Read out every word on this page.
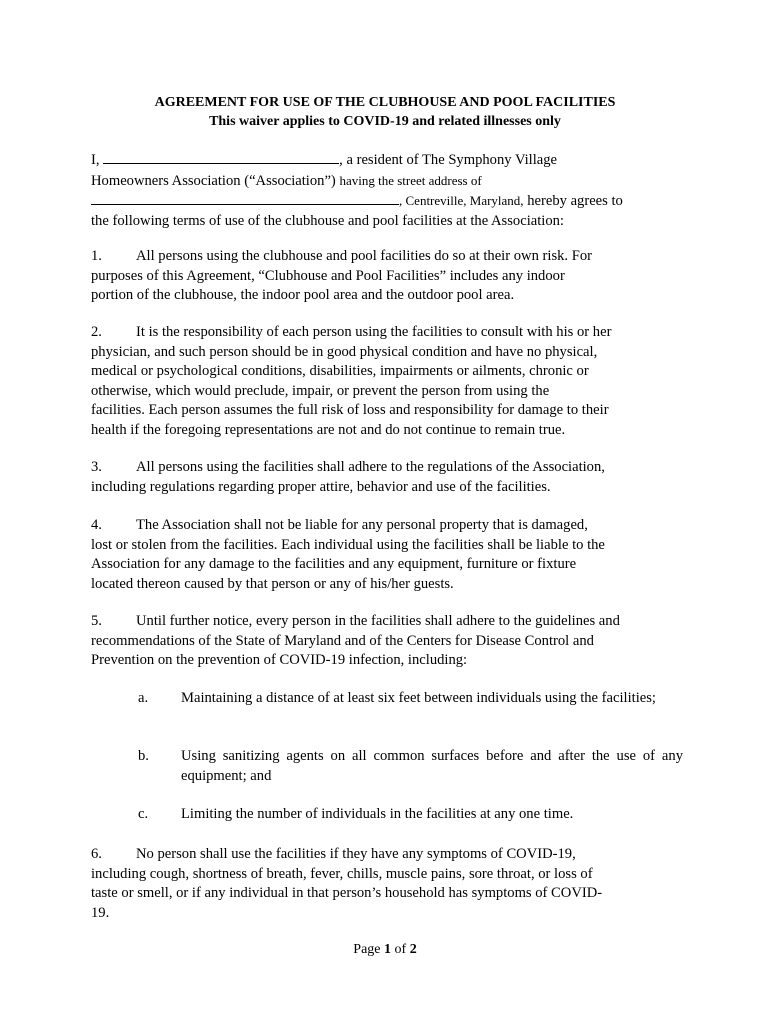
AGREEMENT FOR USE OF THE CLUBHOUSE AND POOL FACILITIES
This waiver applies to COVID-19 and related illnesses only
I,	, a resident of The Symphony Village
Homeowners Association (“Association”) having the street address of
, Centreville, Maryland, hereby agrees to
the following terms of use of the clubhouse and pool facilities at the Association:
1. All persons using the clubhouse and pool facilities do so at their own risk. For
purposes of this Agreement, “Clubhouse and Pool Facilities” includes any indoor
portion of the clubhouse, the indoor pool area and the outdoor pool area.
2. It is the responsibility of each person using the facilities to consult with his or her
physician, and such person should be in good physical condition and have no physical,
medical or psychological conditions, disabilities, impairments or ailments, chronic or
otherwise, which would preclude, impair, or prevent the person from using the
facilities. Each person assumes the full risk of loss and responsibility for damage to their
health if the foregoing representations are not and do not continue to remain true.
3. All persons using the facilities shall adhere to the regulations of the Association,
including regulations regarding proper attire, behavior and use of the facilities.
4. The Association shall not be liable for any personal property that is damaged,
lost or stolen from the facilities. Each individual using the facilities shall be liable to the
Association for any damage to the facilities and any equipment, furniture or fixture
located thereon caused by that person or any of his/her guests.
5. Until further notice, every person in the facilities shall adhere to the guidelines and
recommendations of the State of Maryland and of the Centers for Disease Control and
Prevention on the prevention of COVID-19 infection, including:
a. Maintaining a distance of at least six feet between individuals using the facilities;
b. Using sanitizing agents on all common surfaces before and after the use of any equipment; and
c. Limiting the number of individuals in the facilities at any one time.
6. No person shall use the facilities if they have any symptoms of COVID-19,
including cough, shortness of breath, fever, chills, muscle pains, sore throat, or loss of
taste or smell, or if any individual in that person’s household has symptoms of COVID-
19.
Page 1 of 2
